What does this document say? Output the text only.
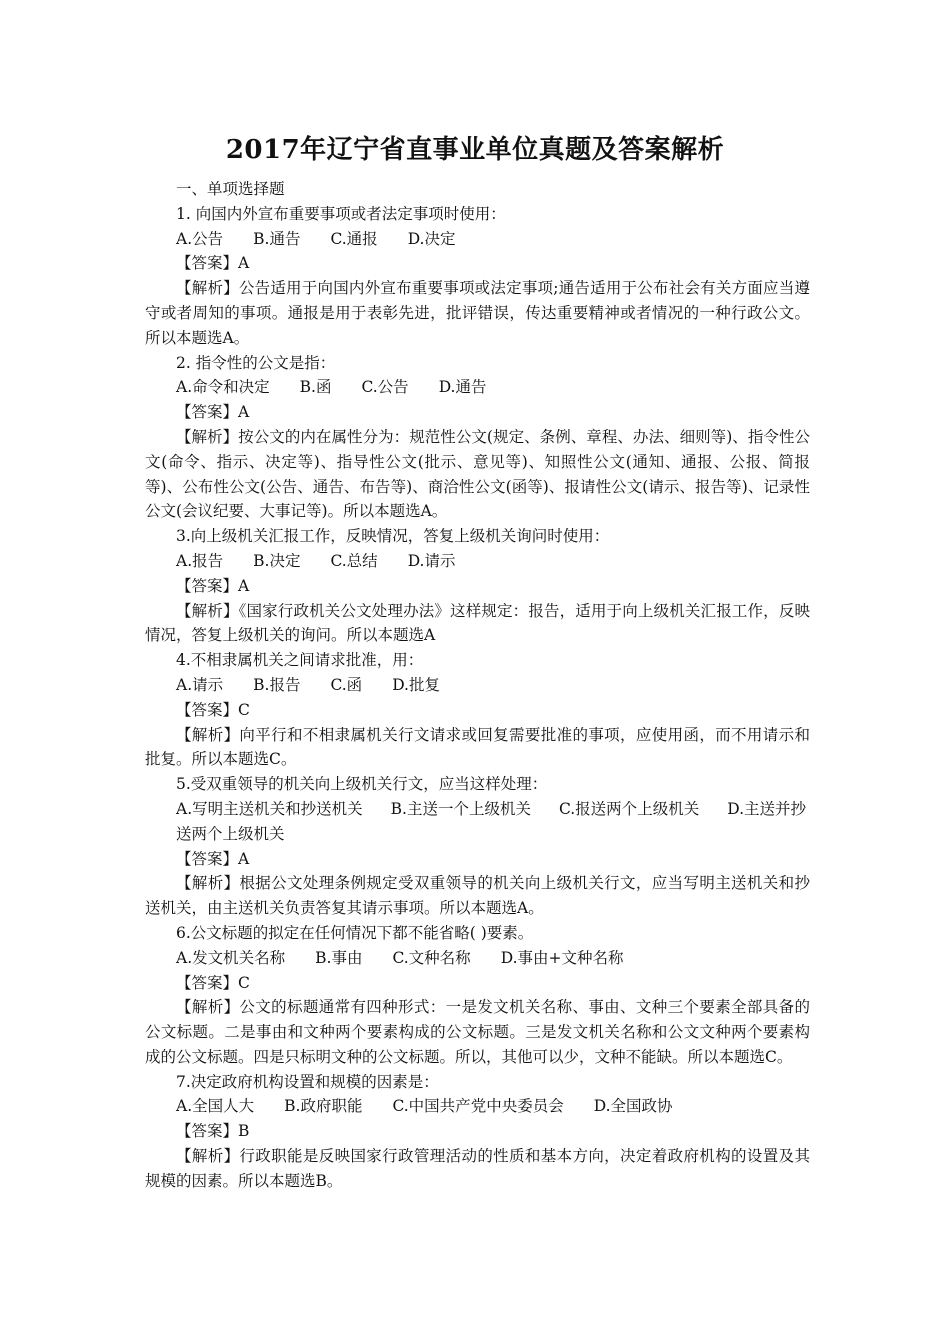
2017年辽宁省直事业单位真题及答案解析

一、单项选择题

1. 向国内外宣布重要事项或者法定事项时使用：

A.公告 B.通告 C.通报 D.决定

【答案】A

【解析】公告适用于向国内外宣布重要事项或法定事项;通告适用于公布社会有关方面应当遵守或者周知的事项。通报是用于表彰先进，批评错误，传达重要精神或者情况的一种行政公文。所以本题选A。

2. 指令性的公文是指：

A.命令和决定 B.函 C.公告 D.通告

【答案】A

【解析】按公文的内在属性分为：规范性公文(规定、条例、章程、办法、细则等)、指令性公文(命令、指示、决定等)、指导性公文(批示、意见等)、知照性公文(通知、通报、公报、简报等)、公布性公文(公告、通告、布告等)、商洽性公文(函等)、报请性公文(请示、报告等)、记录性公文(会议纪要、大事记等)。所以本题选A。

3.向上级机关汇报工作，反映情况，答复上级机关询问时使用：

A.报告 B.决定 C.总结 D.请示

【答案】A

【解析】《国家行政机关公文处理办法》这样规定：报告，适用于向上级机关汇报工作，反映情况，答复上级机关的询问。所以本题选A

4.不相隶属机关之间请求批准，用：

A.请示 B.报告 C.函 D.批复

【答案】C

【解析】向平行和不相隶属机关行文请求或回复需要批准的事项，应使用函，而不用请示和批复。所以本题选C。

5.受双重领导的机关向上级机关行文，应当这样处理：

A.写明主送机关和抄送机关 B.主送一个上级机关 C.报送两个上级机关 D.主送并抄送两个上级机关

【答案】A

【解析】根据公文处理条例规定受双重领导的机关向上级机关行文，应当写明主送机关和抄送机关，由主送机关负责答复其请示事项。所以本题选A。

6.公文标题的拟定在任何情况下都不能省略( )要素。

A.发文机关名称 B.事由 C.文种名称 D.事由+文种名称

【答案】C

【解析】公文的标题通常有四种形式：一是发文机关名称、事由、文种三个要素全部具备的公文标题。二是事由和文种两个要素构成的公文标题。三是发文机关名称和公文文种两个要素构成的公文标题。四是只标明文种的公文标题。所以，其他可以少，文种不能缺。所以本题选C。

7.决定政府机构设置和规模的因素是：

A.全国人大 B.政府职能 C.中国共产党中央委员会 D.全国政协

【答案】B

【解析】行政职能是反映国家行政管理活动的性质和基本方向，决定着政府机构的设置及其规模的因素。所以本题选B。
